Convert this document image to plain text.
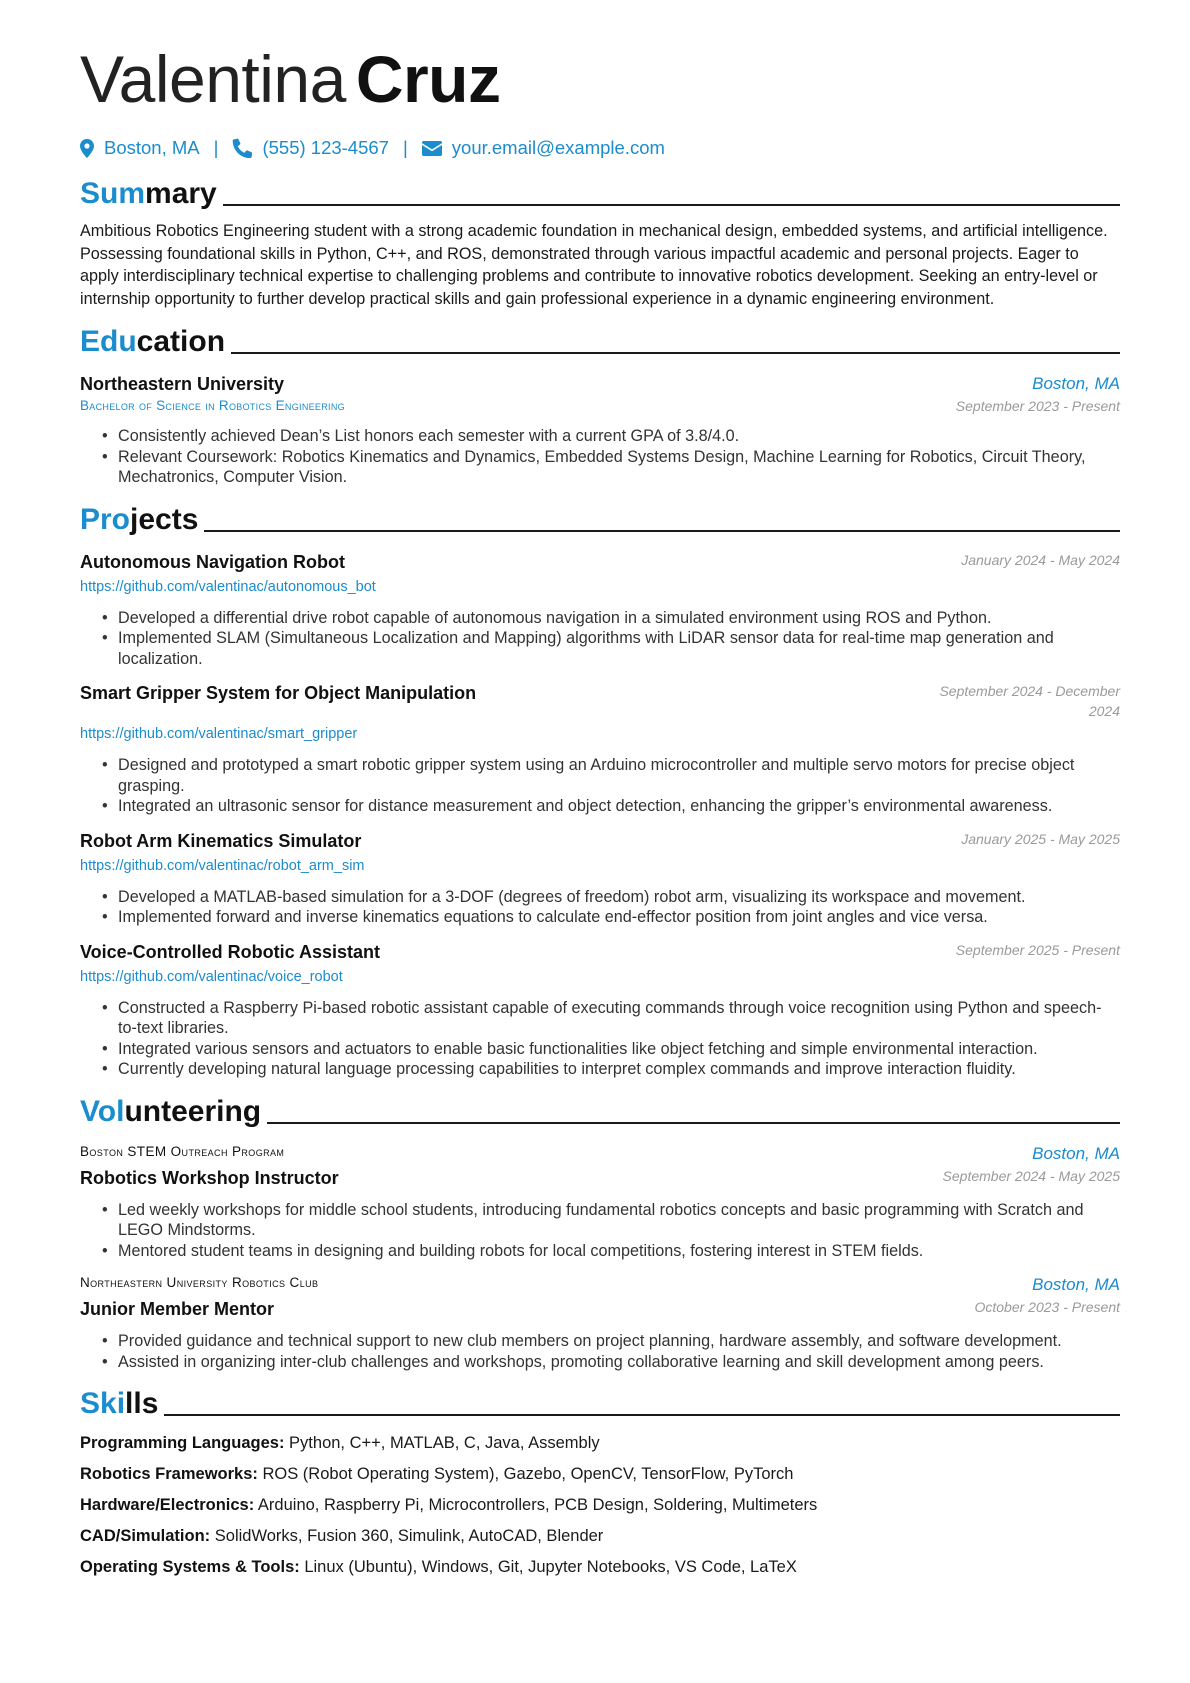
Valentina Cruz
Boston, MA | (555) 123-4567 | your.email@example.com
Summary
Ambitious Robotics Engineering student with a strong academic foundation in mechanical design, embedded systems, and artificial intelligence. Possessing foundational skills in Python, C++, and ROS, demonstrated through various impactful academic and personal projects. Eager to apply interdisciplinary technical expertise to challenging problems and contribute to innovative robotics development. Seeking an entry-level or internship opportunity to further develop practical skills and gain professional experience in a dynamic engineering environment.
Education
Northeastern University	Boston, MA
Bachelor of Science in Robotics Engineering	September 2023 - Present
• Consistently achieved Dean’s List honors each semester with a current GPA of 3.8/4.0.
• Relevant Coursework: Robotics Kinematics and Dynamics, Embedded Systems Design, Machine Learning for Robotics, Circuit Theory, Mechatronics, Computer Vision.
Projects
Autonomous Navigation Robot	January 2024 - May 2024
https://github.com/valentinac/autonomous_bot
• Developed a differential drive robot capable of autonomous navigation in a simulated environment using ROS and Python.
• Implemented SLAM (Simultaneous Localization and Mapping) algorithms with LiDAR sensor data for real-time map generation and localization.
Smart Gripper System for Object Manipulation	September 2024 - December 2024
https://github.com/valentinac/smart_gripper
• Designed and prototyped a smart robotic gripper system using an Arduino microcontroller and multiple servo motors for precise object grasping.
• Integrated an ultrasonic sensor for distance measurement and object detection, enhancing the gripper’s environmental awareness.
Robot Arm Kinematics Simulator	January 2025 - May 2025
https://github.com/valentinac/robot_arm_sim
• Developed a MATLAB-based simulation for a 3-DOF (degrees of freedom) robot arm, visualizing its workspace and movement.
• Implemented forward and inverse kinematics equations to calculate end-effector position from joint angles and vice versa.
Voice-Controlled Robotic Assistant	September 2025 - Present
https://github.com/valentinac/voice_robot
• Constructed a Raspberry Pi-based robotic assistant capable of executing commands through voice recognition using Python and speech-to-text libraries.
• Integrated various sensors and actuators to enable basic functionalities like object fetching and simple environmental interaction.
• Currently developing natural language processing capabilities to interpret complex commands and improve interaction fluidity.
Volunteering
Boston STEM Outreach Program	Boston, MA
Robotics Workshop Instructor	September 2024 - May 2025
• Led weekly workshops for middle school students, introducing fundamental robotics concepts and basic programming with Scratch and LEGO Mindstorms.
• Mentored student teams in designing and building robots for local competitions, fostering interest in STEM fields.
Northeastern University Robotics Club	Boston, MA
Junior Member Mentor	October 2023 - Present
• Provided guidance and technical support to new club members on project planning, hardware assembly, and software development.
• Assisted in organizing inter-club challenges and workshops, promoting collaborative learning and skill development among peers.
Skills
Programming Languages: Python, C++, MATLAB, C, Java, Assembly
Robotics Frameworks: ROS (Robot Operating System), Gazebo, OpenCV, TensorFlow, PyTorch
Hardware/Electronics: Arduino, Raspberry Pi, Microcontrollers, PCB Design, Soldering, Multimeters
CAD/Simulation: SolidWorks, Fusion 360, Simulink, AutoCAD, Blender
Operating Systems & Tools: Linux (Ubuntu), Windows, Git, Jupyter Notebooks, VS Code, LaTeX
